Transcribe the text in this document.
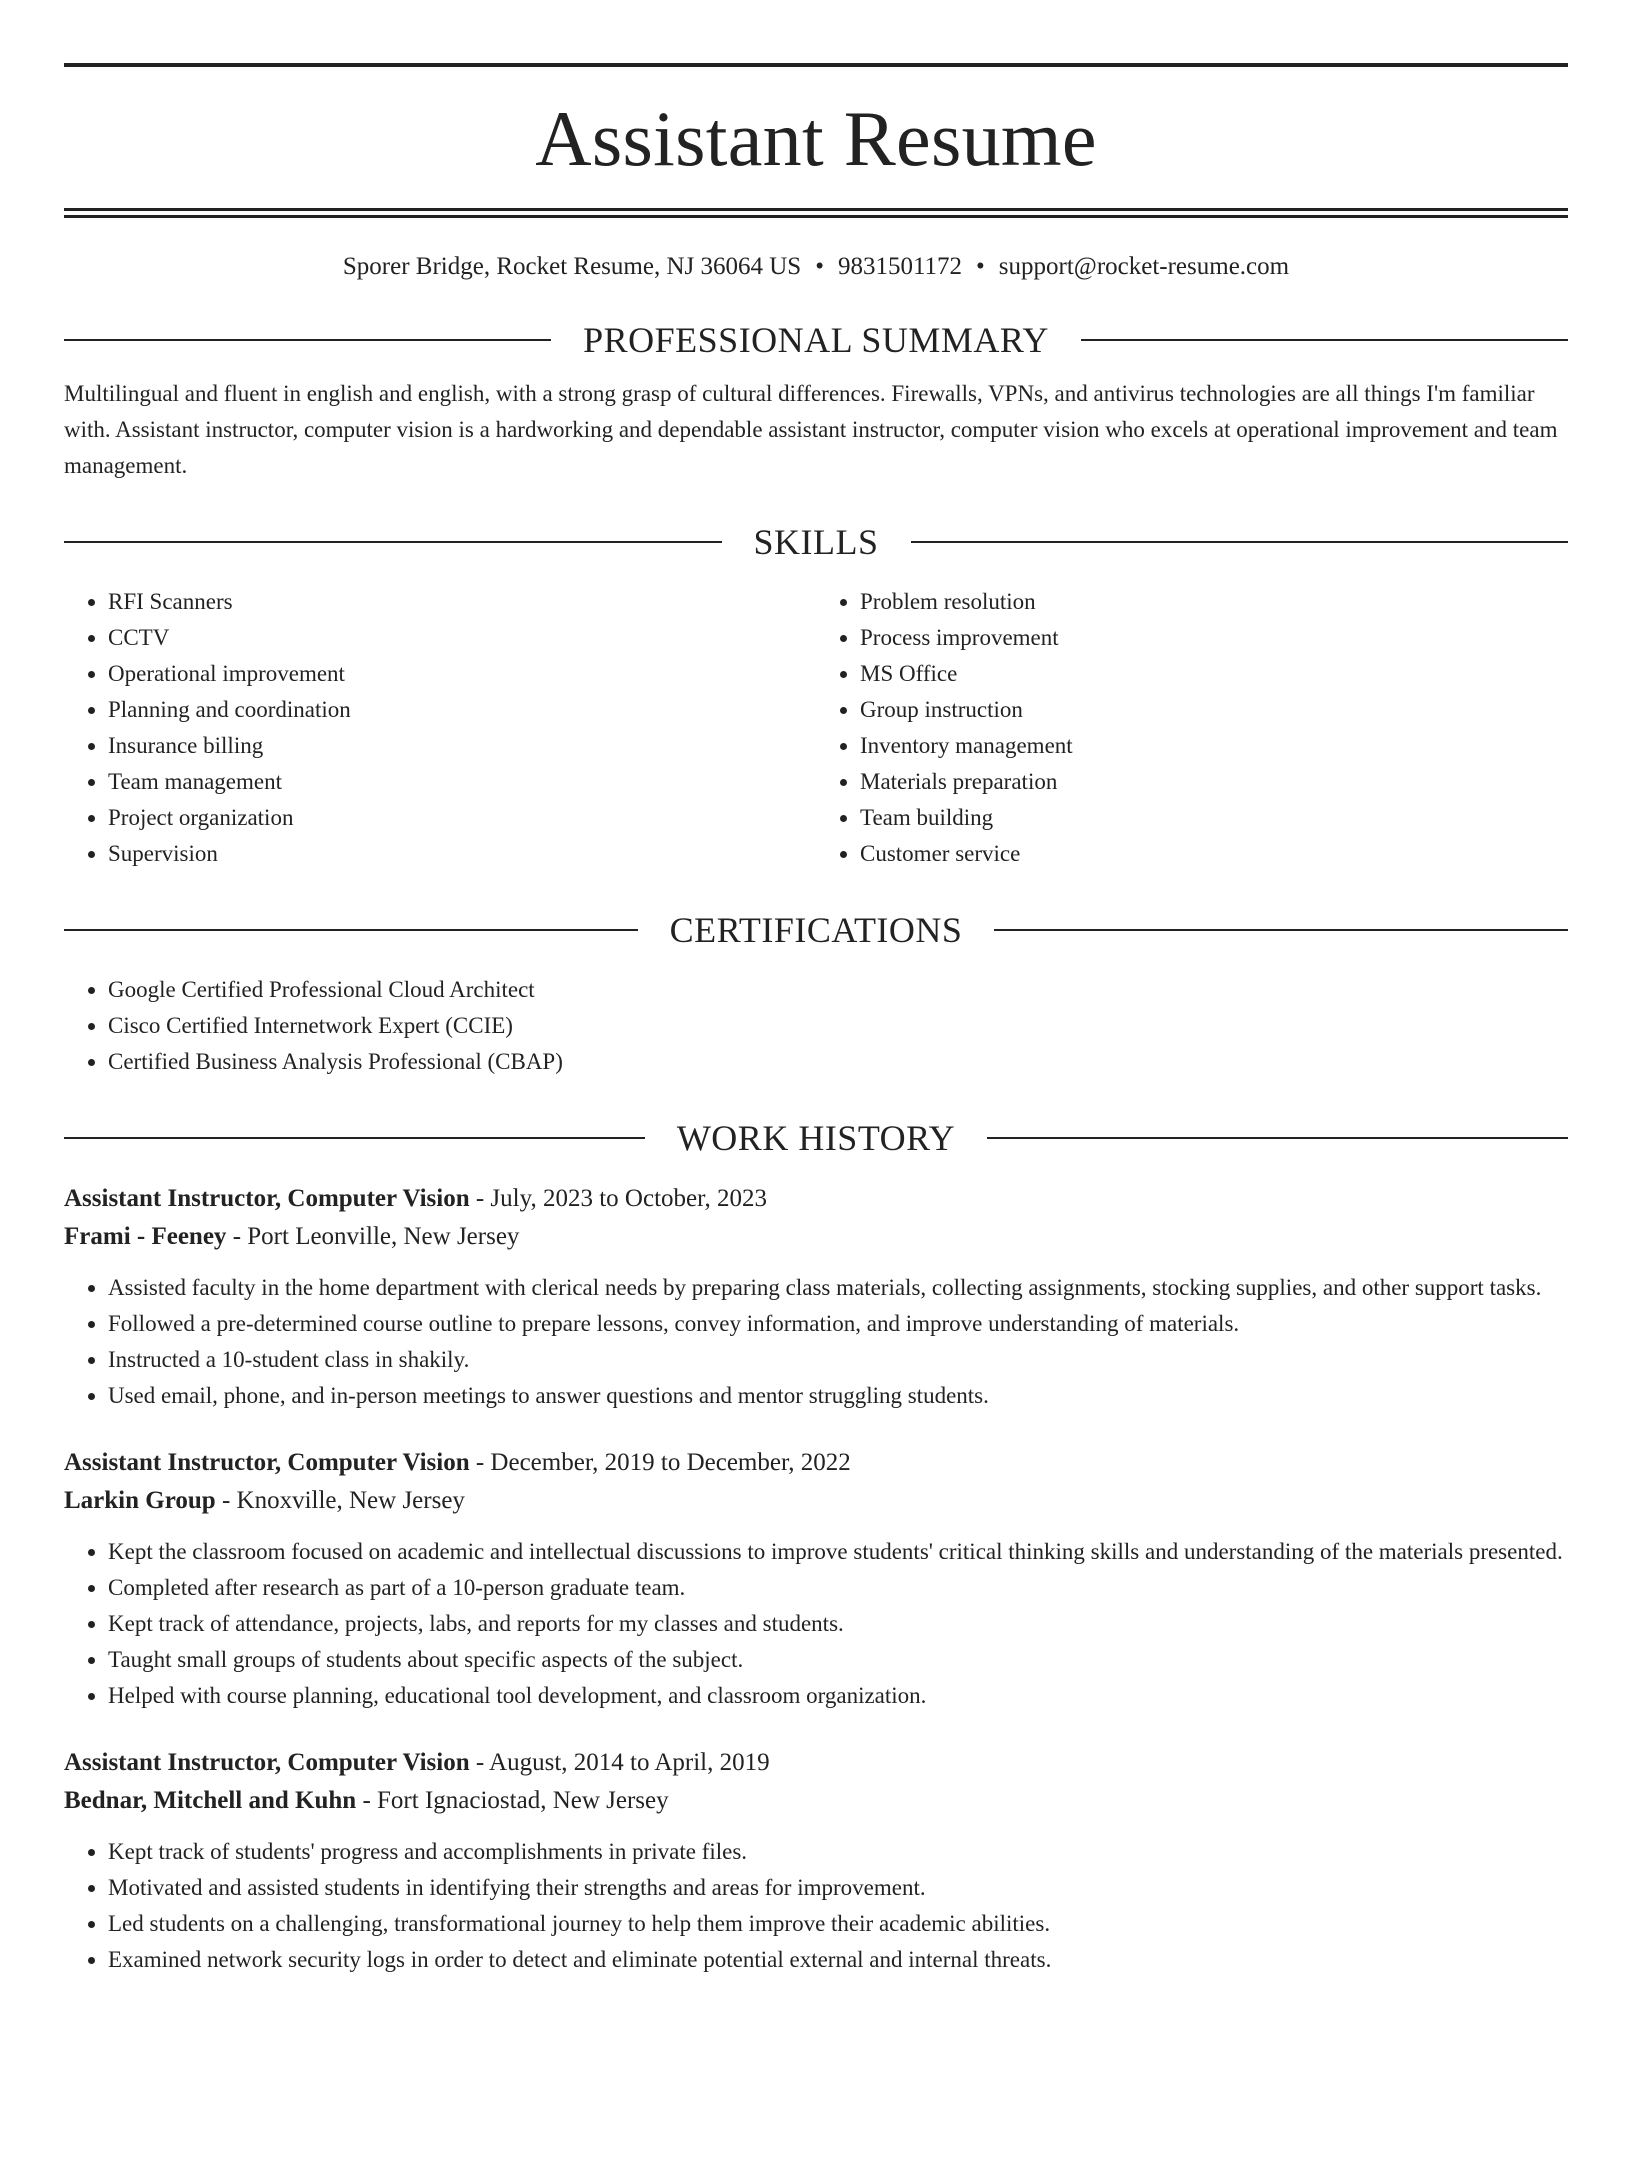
Assistant Resume
Sporer Bridge, Rocket Resume, NJ 36064 US • 9831501172 • support@rocket-resume.com
PROFESSIONAL SUMMARY
Multilingual and fluent in english and english, with a strong grasp of cultural differences. Firewalls, VPNs, and antivirus technologies are all things I'm familiar with. Assistant instructor, computer vision is a hardworking and dependable assistant instructor, computer vision who excels at operational improvement and team management.
SKILLS
• RFI Scanners
• CCTV
• Operational improvement
• Planning and coordination
• Insurance billing
• Team management
• Project organization
• Supervision
• Problem resolution
• Process improvement
• MS Office
• Group instruction
• Inventory management
• Materials preparation
• Team building
• Customer service
CERTIFICATIONS
• Google Certified Professional Cloud Architect
• Cisco Certified Internetwork Expert (CCIE)
• Certified Business Analysis Professional (CBAP)
WORK HISTORY
Assistant Instructor, Computer Vision - July, 2023 to October, 2023
Frami - Feeney - Port Leonville, New Jersey
• Assisted faculty in the home department with clerical needs by preparing class materials, collecting assignments, stocking supplies, and other support tasks.
• Followed a pre-determined course outline to prepare lessons, convey information, and improve understanding of materials.
• Instructed a 10-student class in shakily.
• Used email, phone, and in-person meetings to answer questions and mentor struggling students.
Assistant Instructor, Computer Vision - December, 2019 to December, 2022
Larkin Group - Knoxville, New Jersey
• Kept the classroom focused on academic and intellectual discussions to improve students' critical thinking skills and understanding of the materials presented.
• Completed after research as part of a 10-person graduate team.
• Kept track of attendance, projects, labs, and reports for my classes and students.
• Taught small groups of students about specific aspects of the subject.
• Helped with course planning, educational tool development, and classroom organization.
Assistant Instructor, Computer Vision - August, 2014 to April, 2019
Bednar, Mitchell and Kuhn - Fort Ignaciostad, New Jersey
• Kept track of students' progress and accomplishments in private files.
• Motivated and assisted students in identifying their strengths and areas for improvement.
• Led students on a challenging, transformational journey to help them improve their academic abilities.
• Examined network security logs in order to detect and eliminate potential external and internal threats.
